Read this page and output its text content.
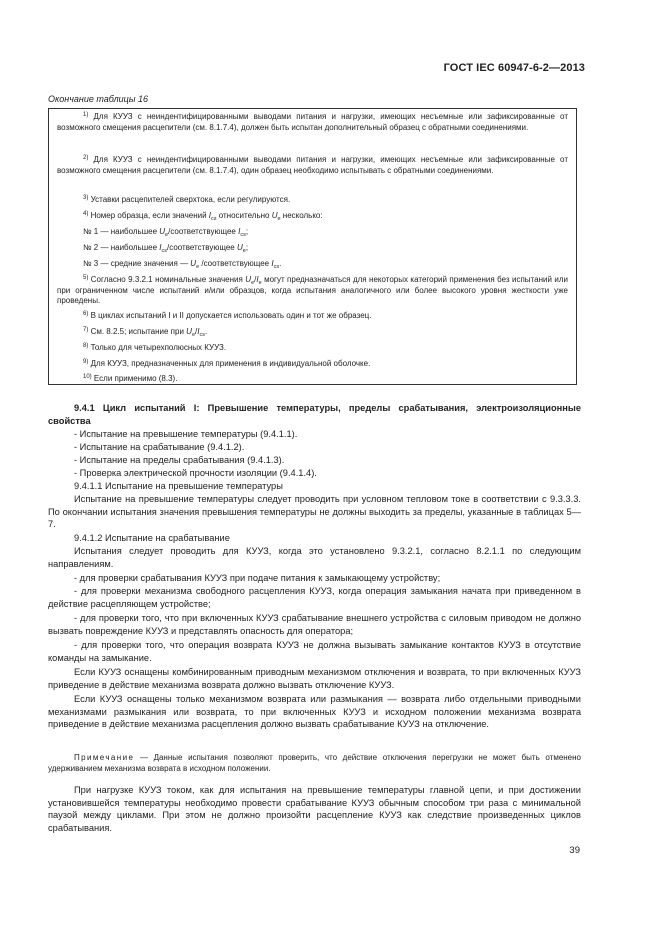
ГОСТ IEC 60947-6-2—2013
Окончание таблицы 16

$^{1)}$ Для КУУЗ с неиндентифицированными выводами питания и нагрузки, имеющих несъемные или зафиксированные от возможного смещения расцепители (см. 8.1.7.4), должен быть испытан дополнительный образец с обратными соединениями.

$^{2)}$ Для КУУЗ с неиндентифицированными выводами питания и нагрузки, имеющих несъемные или зафиксированные от возможного смещения расцепители (см. 8.1.7.4), один образец необходимо испытывать с обратными соединениями.

$^{3)}$ Уставки расцепителей сверхтока, если регулируются.

$^{4)}$ Номер образца, если значений $I_{cs}$ относительно $U_e$ несколько:

№ 1 — наибольшее $U_e$/соответствующее $I_{cs}$;

№ 2 — наибольшее $I_{cs}$/соответствующее $U_e$;

№ 3 — средние значения — $U_e$ /соответствующее $I_{cs}$.

$^{5)}$ Согласно 9.3.2.1 номинальные значения $U_e/I_e$ могут предназначаться для некоторых категорий применения без испытаний или при ограниченном числе испытаний и/или образцов, когда испытания аналогичного или более высокого уровня жесткости уже проведены.

$^{6)}$ В циклах испытаний I и II допускается использовать один и тот же образец.

$^{7)}$ См. 8.2.5; испытание при $U_e/I_{cs}$.

$^{8)}$ Только для четырехполюсных КУУЗ.

$^{9)}$ Для КУУЗ, предназначенных для применения в индивидуальной оболочке.

$^{10)}$ Если применимо (8.3).

9.4.1 Цикл испытаний I: Превышение температуры, пределы срабатывания, электроизоляционные свойства

- Испытание на превышение температуры (9.4.1.1).

- Испытание на срабатывание (9.4.1.2).

- Испытание на пределы срабатывания (9.4.1.3).

- Проверка электрической прочности изоляции (9.4.1.4).

9.4.1.1 Испытание на превышение температуры

Испытание на превышение температуры следует проводить при условном тепловом токе в соответствии с 9.3.3.3. По окончании испытания значения превышения температуры не должны выходить за пределы, указанные в таблицах 5—7.

9.4.1.2 Испытание на срабатывание

Испытания следует проводить для КУУЗ, когда это установлено 9.3.2.1, согласно 8.2.1.1 по следующим направлениям.

- для проверки срабатывания КУУЗ при подаче питания к замыкающему устройству;

- для проверки механизма свободного расцепления КУУЗ, когда операция замыкания начата при приведенном в действие расцепляющем устройстве;

- для проверки того, что при включенных КУУЗ срабатывание внешнего устройства с силовым приводом не должно вызвать повреждение КУУЗ и представлять опасность для оператора;

- для проверки того, что операция возврата КУУЗ не должна вызывать замыкание контактов КУУЗ в отсутствие команды на замыкание.

Если КУУЗ оснащены комбинированным приводным механизмом отключения и возврата, то при включенных КУУЗ приведение в действие механизма возврата должно вызвать отключение КУУЗ.

Если КУУЗ оснащены только механизмом возврата или размыкания — возврата либо отдельными приводными механизмами размыкания или возврата, то при включенных КУУЗ и исходном положении механизма возврата приведение в действие механизма расцепления должно вызвать срабатывание КУУЗ на отключение.

Примечание — Данные испытания позволяют проверить, что действие отключения перегрузки не может быть отменено удерживанием механизма возврата в исходном положении.

При нагрузке КУУЗ током, как для испытания на превышение температуры главной цепи, и при достижении установившейся температуры необходимо провести срабатывание КУУЗ обычным способом три раза с минимальной паузой между циклами. При этом не должно произойти расцепление КУУЗ как следствие произведенных циклов срабатывания.

39
